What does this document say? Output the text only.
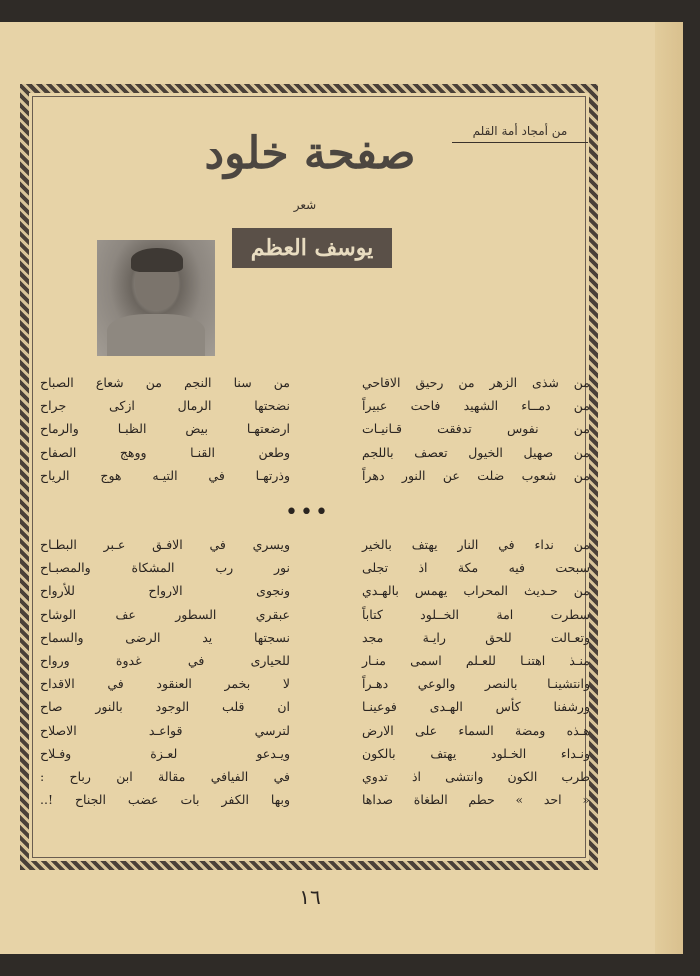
من أمجاد أمة القلم
صفحة خلود
شعر
يوسف العظم
من شذى الزهر من رحيق الاقاحي
من سنا النجم من شعاع الصباح
من دمــاء الشهيد فاحت عبيراً
نضحتها الرمال ازكى جراح
من نفوس تدفقت قـانيـات
ارضعتهـا بيض الظبـا والرماح
من صهيل الخيول تعصف باللجم
وطعن القنـا ووهج الصفاح
من شعوب ضلت عن النور دهراً
وذرتهـا في التيـه هوج الرياح
•••
من نداء في النار يهتف بالخير
ويسري في الافـق عـبر البطـاح
سبحت فيه مكة اذ تجلى
نور رب المشكاة والمصبـاح
من حـديث المحراب يهمس بالهـدي
ونجوى الارواح للأرواح
سطرت امة الخــلود كتاباً
عبقري السطور عف الوشاح
وتعـالت للحق رايـة مجد
نسجتها يد الرضى والسماح
منـذ اهتنـا للعـلم اسمى منـار
للحيارى في غدوة ورواح
وانتشينـا بالنصر والوعي دهـراً
لا بخمر العنقود في الاقداح
ورشفنا كأس الهـدى فوعينـا
ان قلب الوجود بالنور صاح
هـذه ومضة السماء على الارض
لترسي قواعـد الاصلاح
ونـداء الخـلود يهتف بالكون
ويـدعو لعـزة وفـلاح
طرب الكون وانتشى اذ تدوي
في الفيافي مقالة ابن رباح :
« احد » حطم الطغاة صداها
وبها الكفر بات عضب الجناح !..
١٦
